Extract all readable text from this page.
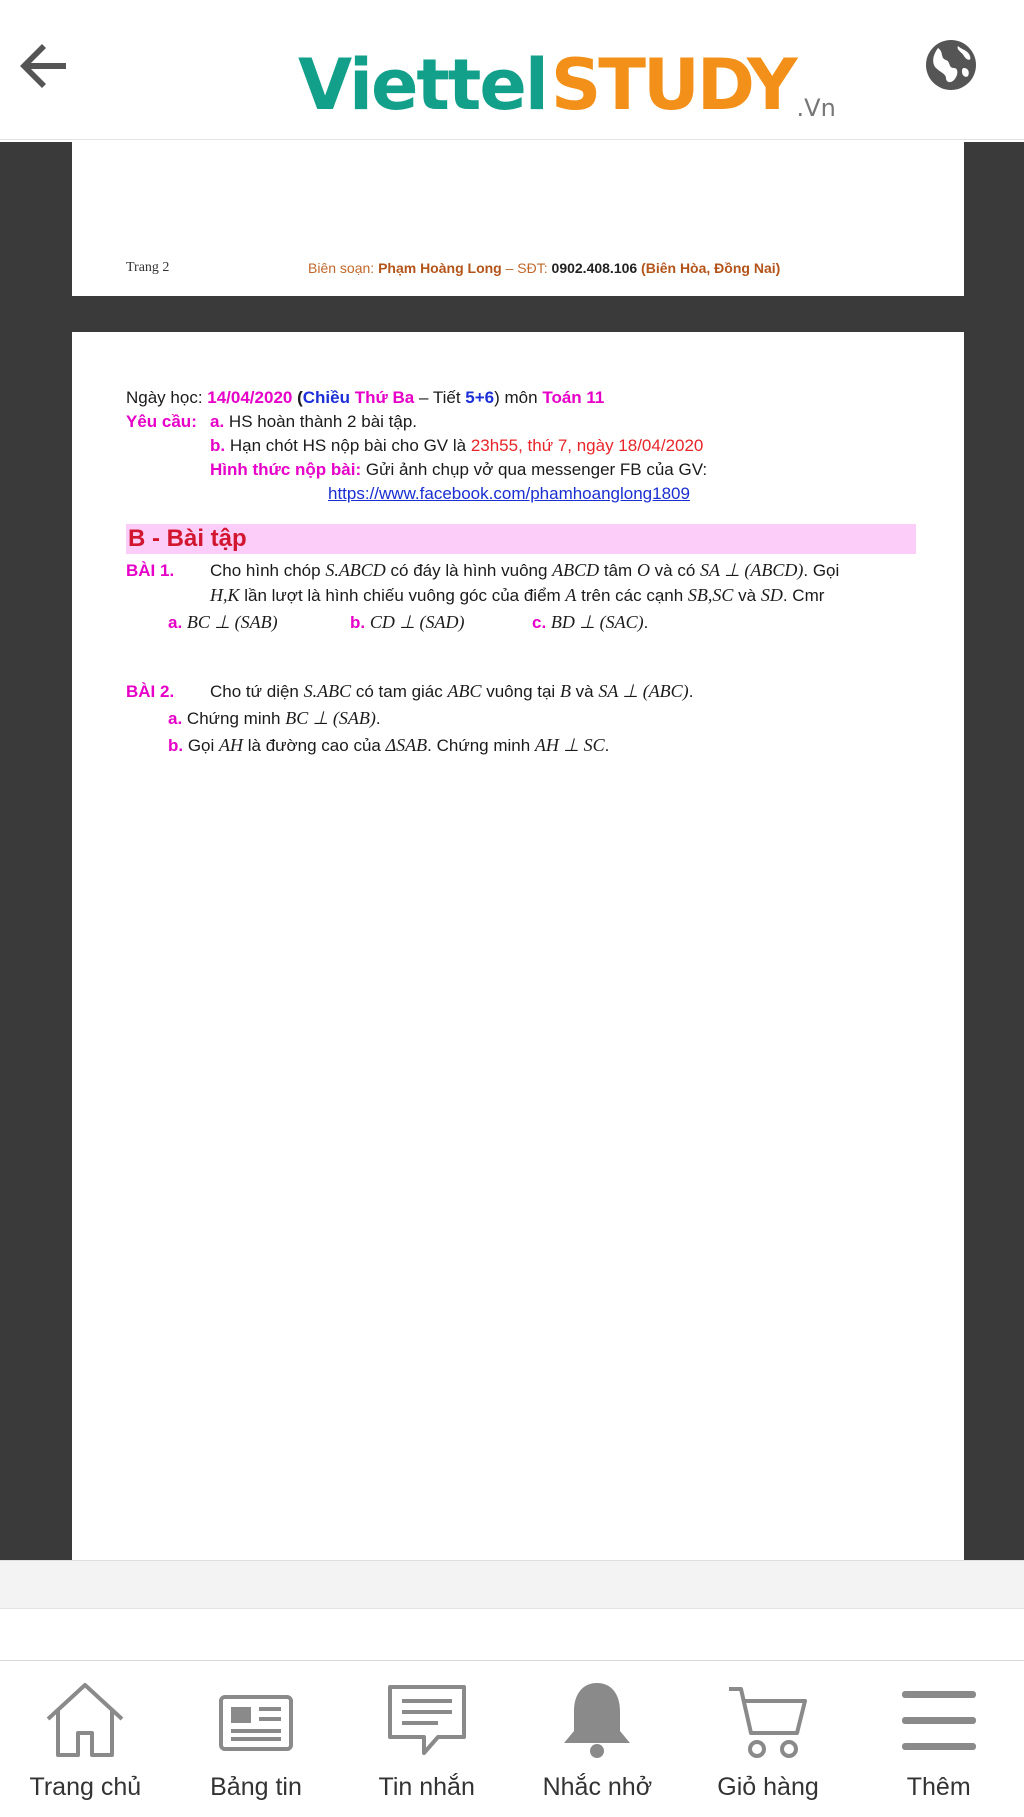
Viettel STUDY .Vn
Trang 2	Biên soạn: Phạm Hoàng Long – SĐT: 0902.408.106 (Biên Hòa, Đồng Nai)
Ngày học: 14/04/2020 (Chiều Thứ Ba – Tiết 5+6) môn Toán 11
Yêu cầu: a. HS hoàn thành 2 bài tập.
b. Hạn chót HS nộp bài cho GV là 23h55, thứ 7, ngày 18/04/2020
Hình thức nộp bài: Gửi ảnh chụp vở qua messenger FB của GV:
https://www.facebook.com/phamhoanglong1809
B - Bài tập
BÀI 1. Cho hình chóp S.ABCD có đáy là hình vuông ABCD tâm O và có SA ⊥ (ABCD). Gọi
H,K lần lượt là hình chiếu vuông góc của điểm A trên các cạnh SB,SC và SD. Cmr
a. BC ⊥ (SAB)	b. CD ⊥ (SAD)	c. BD ⊥ (SAC).
BÀI 2. Cho tứ diện S.ABC có tam giác ABC vuông tại B và SA ⊥ (ABC).
a. Chứng minh BC ⊥ (SAB).
b. Gọi AH là đường cao của ΔSAB. Chứng minh AH ⊥ SC.
Trang chủ	Bảng tin	Tin nhắn	Nhắc nhở	Giỏ hàng	Thêm
